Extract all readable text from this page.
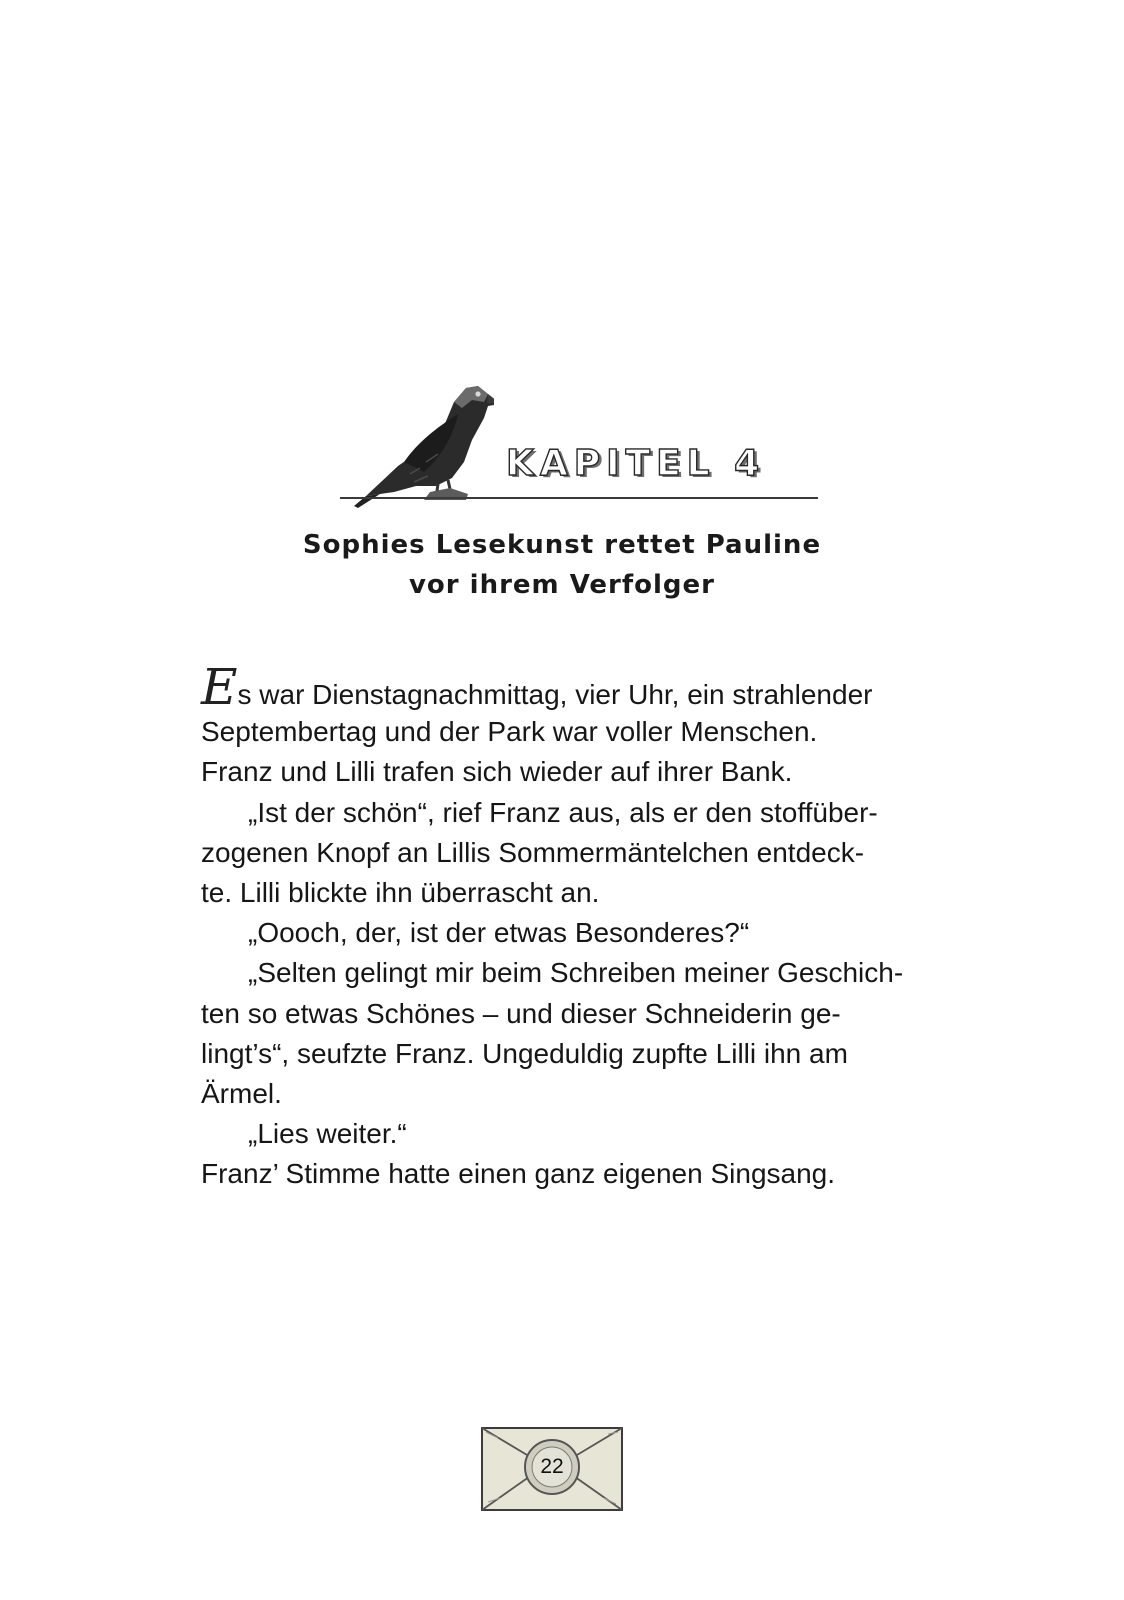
KAPITEL 4
Sophies Lesekunst rettet Pauline
vor ihrem Verfolger
Es war Dienstagnachmittag, vier Uhr, ein strahlender
Septembertag und der Park war voller Menschen.
Franz und Lilli trafen sich wieder auf ihrer Bank.
„Ist der schön“, rief Franz aus, als er den stoffüber-
zogenen Knopf an Lillis Sommermäntelchen entdeck-
te. Lilli blickte ihn überrascht an.
„Oooch, der, ist der etwas Besonderes?“
„Selten gelingt mir beim Schreiben meiner Geschich-
ten so etwas Schönes – und dieser Schneiderin ge-
lingt’s“, seufzte Franz. Ungeduldig zupfte Lilli ihn am
Ärmel.
„Lies weiter.“
Franz’ Stimme hatte einen ganz eigenen Singsang.
22
